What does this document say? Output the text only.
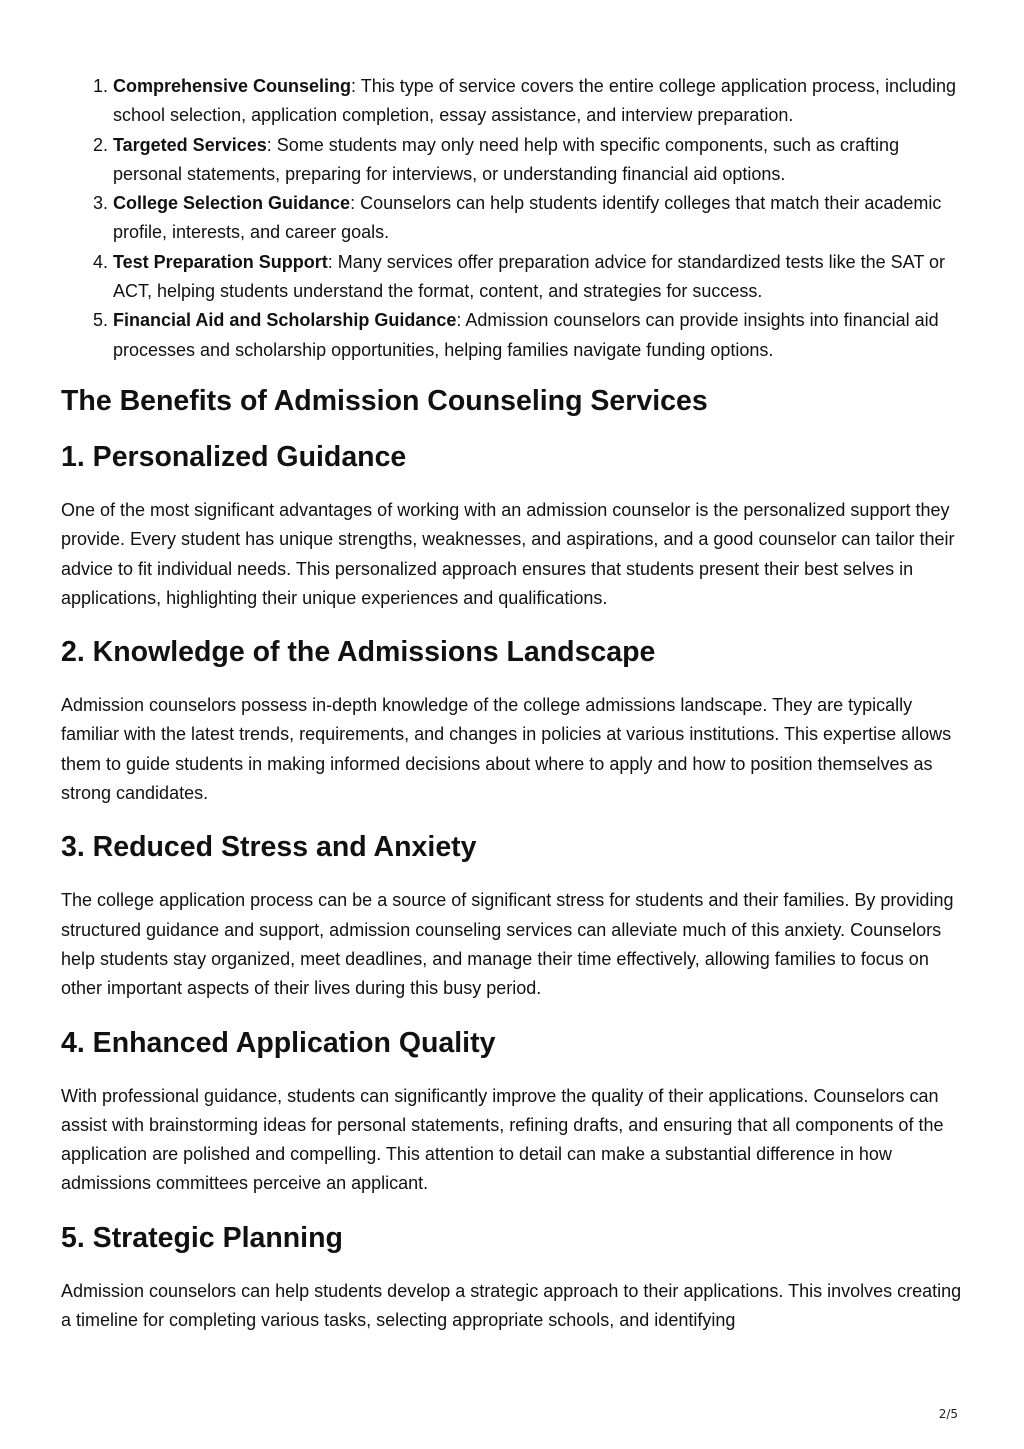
1. Comprehensive Counseling: This type of service covers the entire college application process, including school selection, application completion, essay assistance, and interview preparation.
2. Targeted Services: Some students may only need help with specific components, such as crafting personal statements, preparing for interviews, or understanding financial aid options.
3. College Selection Guidance: Counselors can help students identify colleges that match their academic profile, interests, and career goals.
4. Test Preparation Support: Many services offer preparation advice for standardized tests like the SAT or ACT, helping students understand the format, content, and strategies for success.
5. Financial Aid and Scholarship Guidance: Admission counselors can provide insights into financial aid processes and scholarship opportunities, helping families navigate funding options.
The Benefits of Admission Counseling Services
1. Personalized Guidance

One of the most significant advantages of working with an admission counselor is the personalized support they provide. Every student has unique strengths, weaknesses, and aspirations, and a good counselor can tailor their advice to fit individual needs. This personalized approach ensures that students present their best selves in applications, highlighting their unique experiences and qualifications.

2. Knowledge of the Admissions Landscape

Admission counselors possess in-depth knowledge of the college admissions landscape. They are typically familiar with the latest trends, requirements, and changes in policies at various institutions. This expertise allows them to guide students in making informed decisions about where to apply and how to position themselves as strong candidates.

3. Reduced Stress and Anxiety

The college application process can be a source of significant stress for students and their families. By providing structured guidance and support, admission counseling services can alleviate much of this anxiety. Counselors help students stay organized, meet deadlines, and manage their time effectively, allowing families to focus on other important aspects of their lives during this busy period.

4. Enhanced Application Quality

With professional guidance, students can significantly improve the quality of their applications. Counselors can assist with brainstorming ideas for personal statements, refining drafts, and ensuring that all components of the application are polished and compelling. This attention to detail can make a substantial difference in how admissions committees perceive an applicant.

5. Strategic Planning

Admission counselors can help students develop a strategic approach to their applications. This involves creating a timeline for completing various tasks, selecting appropriate schools, and identifying

2/5
